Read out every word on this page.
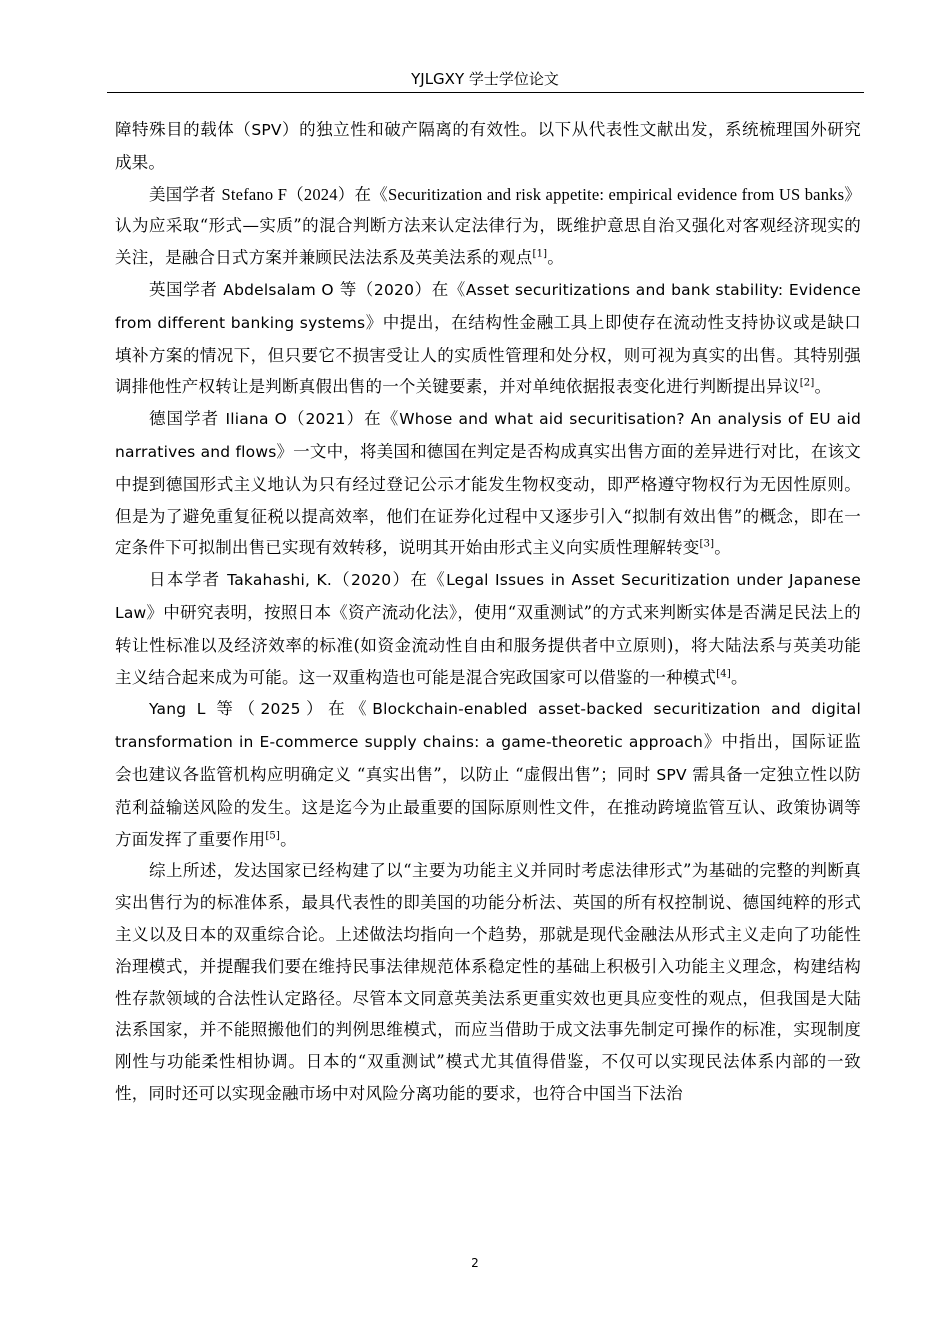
YJLGXY 学士学位论文

障特殊目的载体（SPV）的独立性和破产隔离的有效性。以下从代表性文献出发，系统梳理国外研究成果。

美国学者 Stefano F（2024）在《Securitization and risk appetite: empirical evidence from US banks》认为应采取“形式—实质”的混合判断方法来认定法律行为，既维护意思自治又强化对客观经济现实的关注，是融合日式方案并兼顾民法法系及英美法系的观点[1]。

英国学者 Abdelsalam O 等（2020）在《Asset securitizations and bank stability: Evidence from different banking systems》中提出，在结构性金融工具上即使存在流动性支持协议或是缺口填补方案的情况下，但只要它不损害受让人的实质性管理和处分权，则可视为真实的出售。其特别强调排他性产权转让是判断真假出售的一个关键要素，并对单纯依据报表变化进行判断提出异议[2]。

德国学者 Iliana O（2021）在《Whose and what aid securitisation? An analysis of EU aid narratives and flows》一文中，将美国和德国在判定是否构成真实出售方面的差异进行对比，在该文中提到德国形式主义地认为只有经过登记公示才能发生物权变动，即严格遵守物权行为无因性原则。但是为了避免重复征税以提高效率，他们在证券化过程中又逐步引入“拟制有效出售”的概念，即在一定条件下可拟制出售已实现有效转移，说明其开始由形式主义向实质性理解转变[3]。

日本学者 Takahashi, K.（2020）在《Legal Issues in Asset Securitization under Japanese Law》中研究表明，按照日本《资产流动化法》，使用“双重测试”的方式来判断实体是否满足民法上的转让性标准以及经济效率的标准(如资金流动性自由和服务提供者中立原则)，将大陆法系与英美功能主义结合起来成为可能。这一双重构造也可能是混合宪政国家可以借鉴的一种模式[4]。

Yang L 等（2025）在《Blockchain-enabled asset-backed securitization and digital transformation in E-commerce supply chains: a game-theoretic approach》中指出，国际证监会也建议各监管机构应明确定义 “真实出售”，以防止 “虚假出售”；同时 SPV 需具备一定独立性以防范利益输送风险的发生。这是迄今为止最重要的国际原则性文件，在推动跨境监管互认、政策协调等方面发挥了重要作用[5]。

综上所述，发达国家已经构建了以“主要为功能主义并同时考虑法律形式”为基础的完整的判断真实出售行为的标准体系，最具代表性的即美国的功能分析法、英国的所有权控制说、德国纯粹的形式主义以及日本的双重综合论。上述做法均指向一个趋势，那就是现代金融法从形式主义走向了功能性治理模式，并提醒我们要在维持民事法律规范体系稳定性的基础上积极引入功能主义理念，构建结构性存款领域的合法性认定路径。尽管本文同意英美法系更重实效也更具应变性的观点，但我国是大陆法系国家，并不能照搬他们的判例思维模式，而应当借助于成文法事先制定可操作的标准，实现制度刚性与功能柔性相协调。日本的“双重测试”模式尤其值得借鉴，不仅可以实现民法体系内部的一致性，同时还可以实现金融市场中对风险分离功能的要求，也符合中国当下法治

2
